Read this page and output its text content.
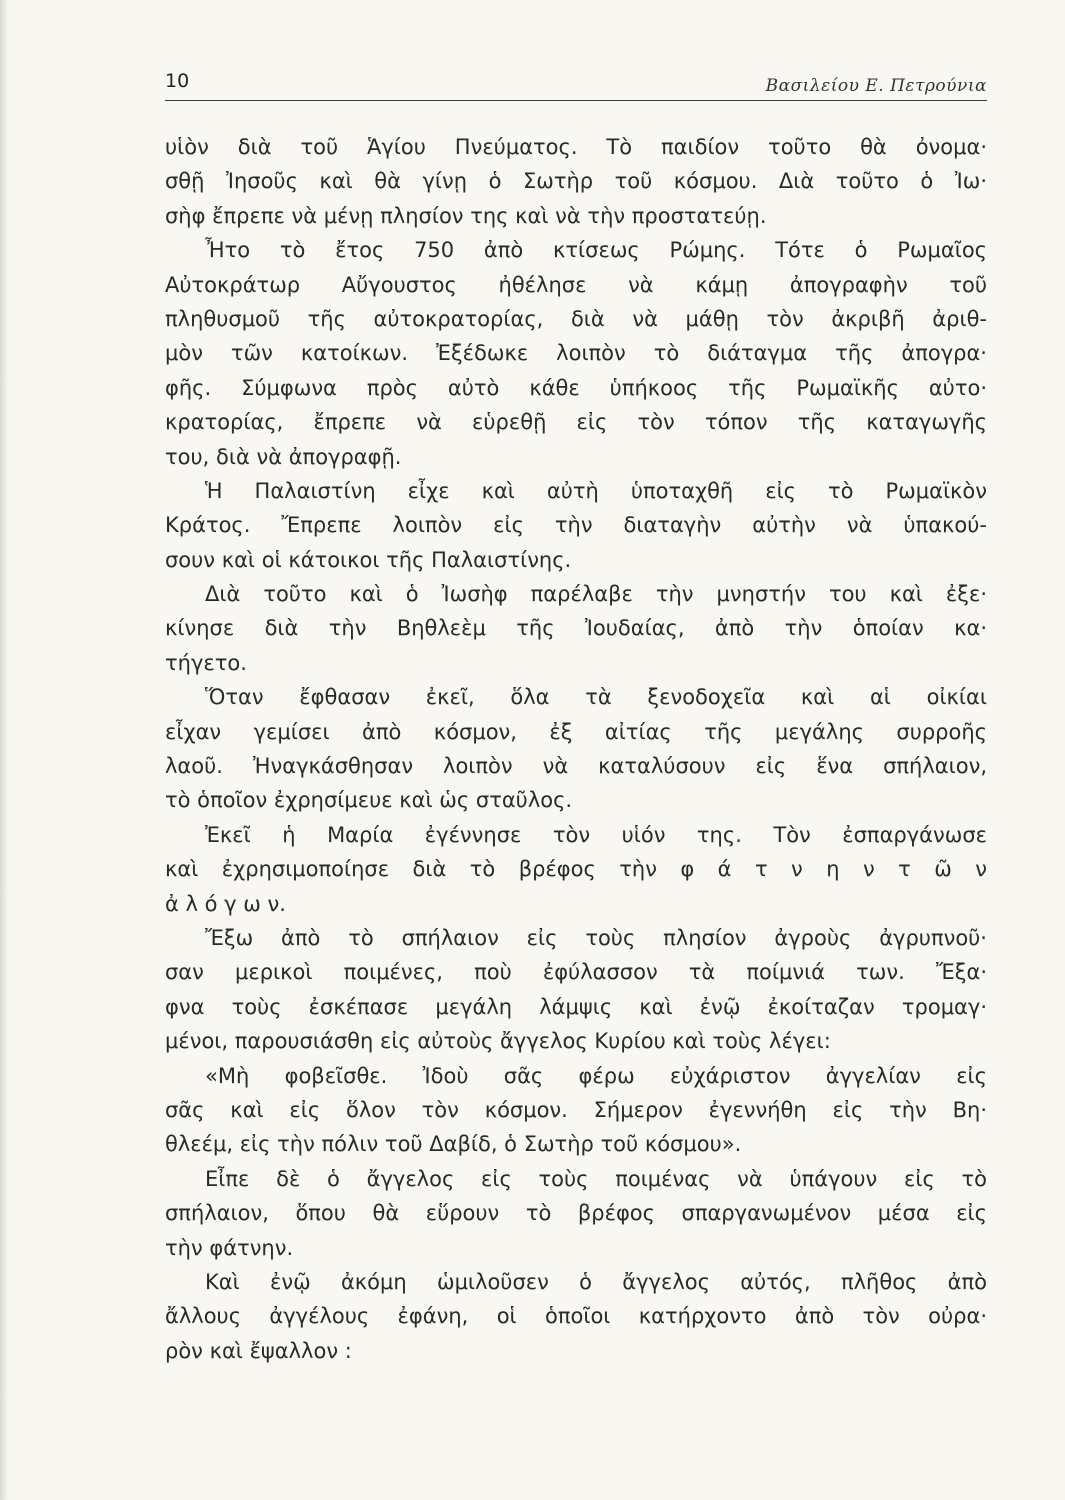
10	Βασιλείου Ε. Πετρούνια
υἱὸν διὰ τοῦ Ἁγίου Πνεύματος. Τὸ παιδίον τοῦτο θὰ ὀνομα·
σθῇ Ἰησοῦς καὶ θὰ γίνῃ ὁ Σωτὴρ τοῦ κόσμου. Διὰ τοῦτο ὁ Ἰω·
σὴφ ἔπρεπε νὰ μένῃ πλησίον της καὶ νὰ τὴν προστατεύῃ.
Ἦτο τὸ ἔτος 750 ἀπὸ κτίσεως Ρώμης. Τότε ὁ Ρωμαῖος
Αὐτοκράτωρ Αὔγουστος ἠθέλησε νὰ κάμῃ ἀπογραφὴν τοῦ
πληθυσμοῦ τῆς αὐτοκρατορίας, διὰ νὰ μάθῃ τὸν ἀκριβῆ ἀριθ-
μὸν τῶν κατοίκων. Ἐξέδωκε λοιπὸν τὸ διάταγμα τῆς ἀπογρα·
φῆς. Σύμφωνα πρὸς αὐτὸ κάθε ὑπήκοος τῆς Ρωμαϊκῆς αὐτο·
κρατορίας, ἔπρεπε νὰ εὑρεθῇ εἰς τὸν τόπον τῆς καταγωγῆς
του, διὰ νὰ ἀπογραφῇ.
Ἡ Παλαιστίνη εἶχε καὶ αὐτὴ ὑποταχθῆ εἰς τὸ Ρωμαϊκὸν
Κράτος. Ἔπρεπε λοιπὸν εἰς τὴν διαταγὴν αὐτὴν νὰ ὑπακού-
σουν καὶ οἱ κάτοικοι τῆς Παλαιστίνης.
Διὰ τοῦτο καὶ ὁ Ἰωσὴφ παρέλαβε τὴν μνηστήν του καὶ ἐξε·
κίνησε διὰ τὴν Βηθλεὲμ τῆς Ἰουδαίας, ἀπὸ τὴν ὁποίαν κα·
τήγετο.
Ὅταν ἔφθασαν ἐκεῖ, ὅλα τὰ ξενοδοχεῖα καὶ αἱ οἰκίαι
εἶχαν γεμίσει ἀπὸ κόσμον, ἐξ αἰτίας τῆς μεγάλης συρροῆς
λαοῦ. Ἠναγκάσθησαν λοιπὸν νὰ καταλύσουν εἰς ἕνα σπήλαιον,
τὸ ὁποῖον ἐχρησίμευε καὶ ὡς σταῦλος.
Ἐκεῖ ἡ Μαρία ἐγέννησε τὸν υἱόν της. Τὸν ἐσπαργάνωσε
καὶ ἐχρησιμοποίησε διὰ τὸ βρέφος τὴν φ ά τ ν η ν τ ῶ ν
ἀ λ ό γ ω ν.
Ἔξω ἀπὸ τὸ σπήλαιον εἰς τοὺς πλησίον ἀγροὺς ἀγρυπνοῦ·
σαν μερικοὶ ποιμένες, ποὺ ἐφύλασσον τὰ ποίμνιά των. Ἔξα·
φνα τοὺς ἐσκέπασε μεγάλη λάμψις καὶ ἐνῷ ἐκοίταζαν τρομαγ·
μένοι, παρουσιάσθη εἰς αὐτοὺς ἄγγελος Κυρίου καὶ τοὺς λέγει:
«Μὴ φοβεῖσθε. Ἰδοὺ σᾶς φέρω εὐχάριστον ἀγγελίαν εἰς
σᾶς καὶ εἰς ὅλον τὸν κόσμον. Σήμερον ἐγεννήθη εἰς τὴν Βη·
θλεέμ, εἰς τὴν πόλιν τοῦ Δαβίδ, ὁ Σωτὴρ τοῦ κόσμου».
Εἶπε δὲ ὁ ἄγγελος εἰς τοὺς ποιμένας νὰ ὑπάγουν εἰς τὸ
σπήλαιον, ὅπου θὰ εὕρουν τὸ βρέφος σπαργανωμένον μέσα εἰς
τὴν φάτνην.
Καὶ ἐνῷ ἀκόμη ὡμιλοῦσεν ὁ ἄγγελος αὐτός, πλῆθος ἀπὸ
ἄλλους ἀγγέλους ἐφάνη, οἱ ὁποῖοι κατήρχοντο ἀπὸ τὸν οὐρα·
ρὸν καὶ ἔψαλλον :
